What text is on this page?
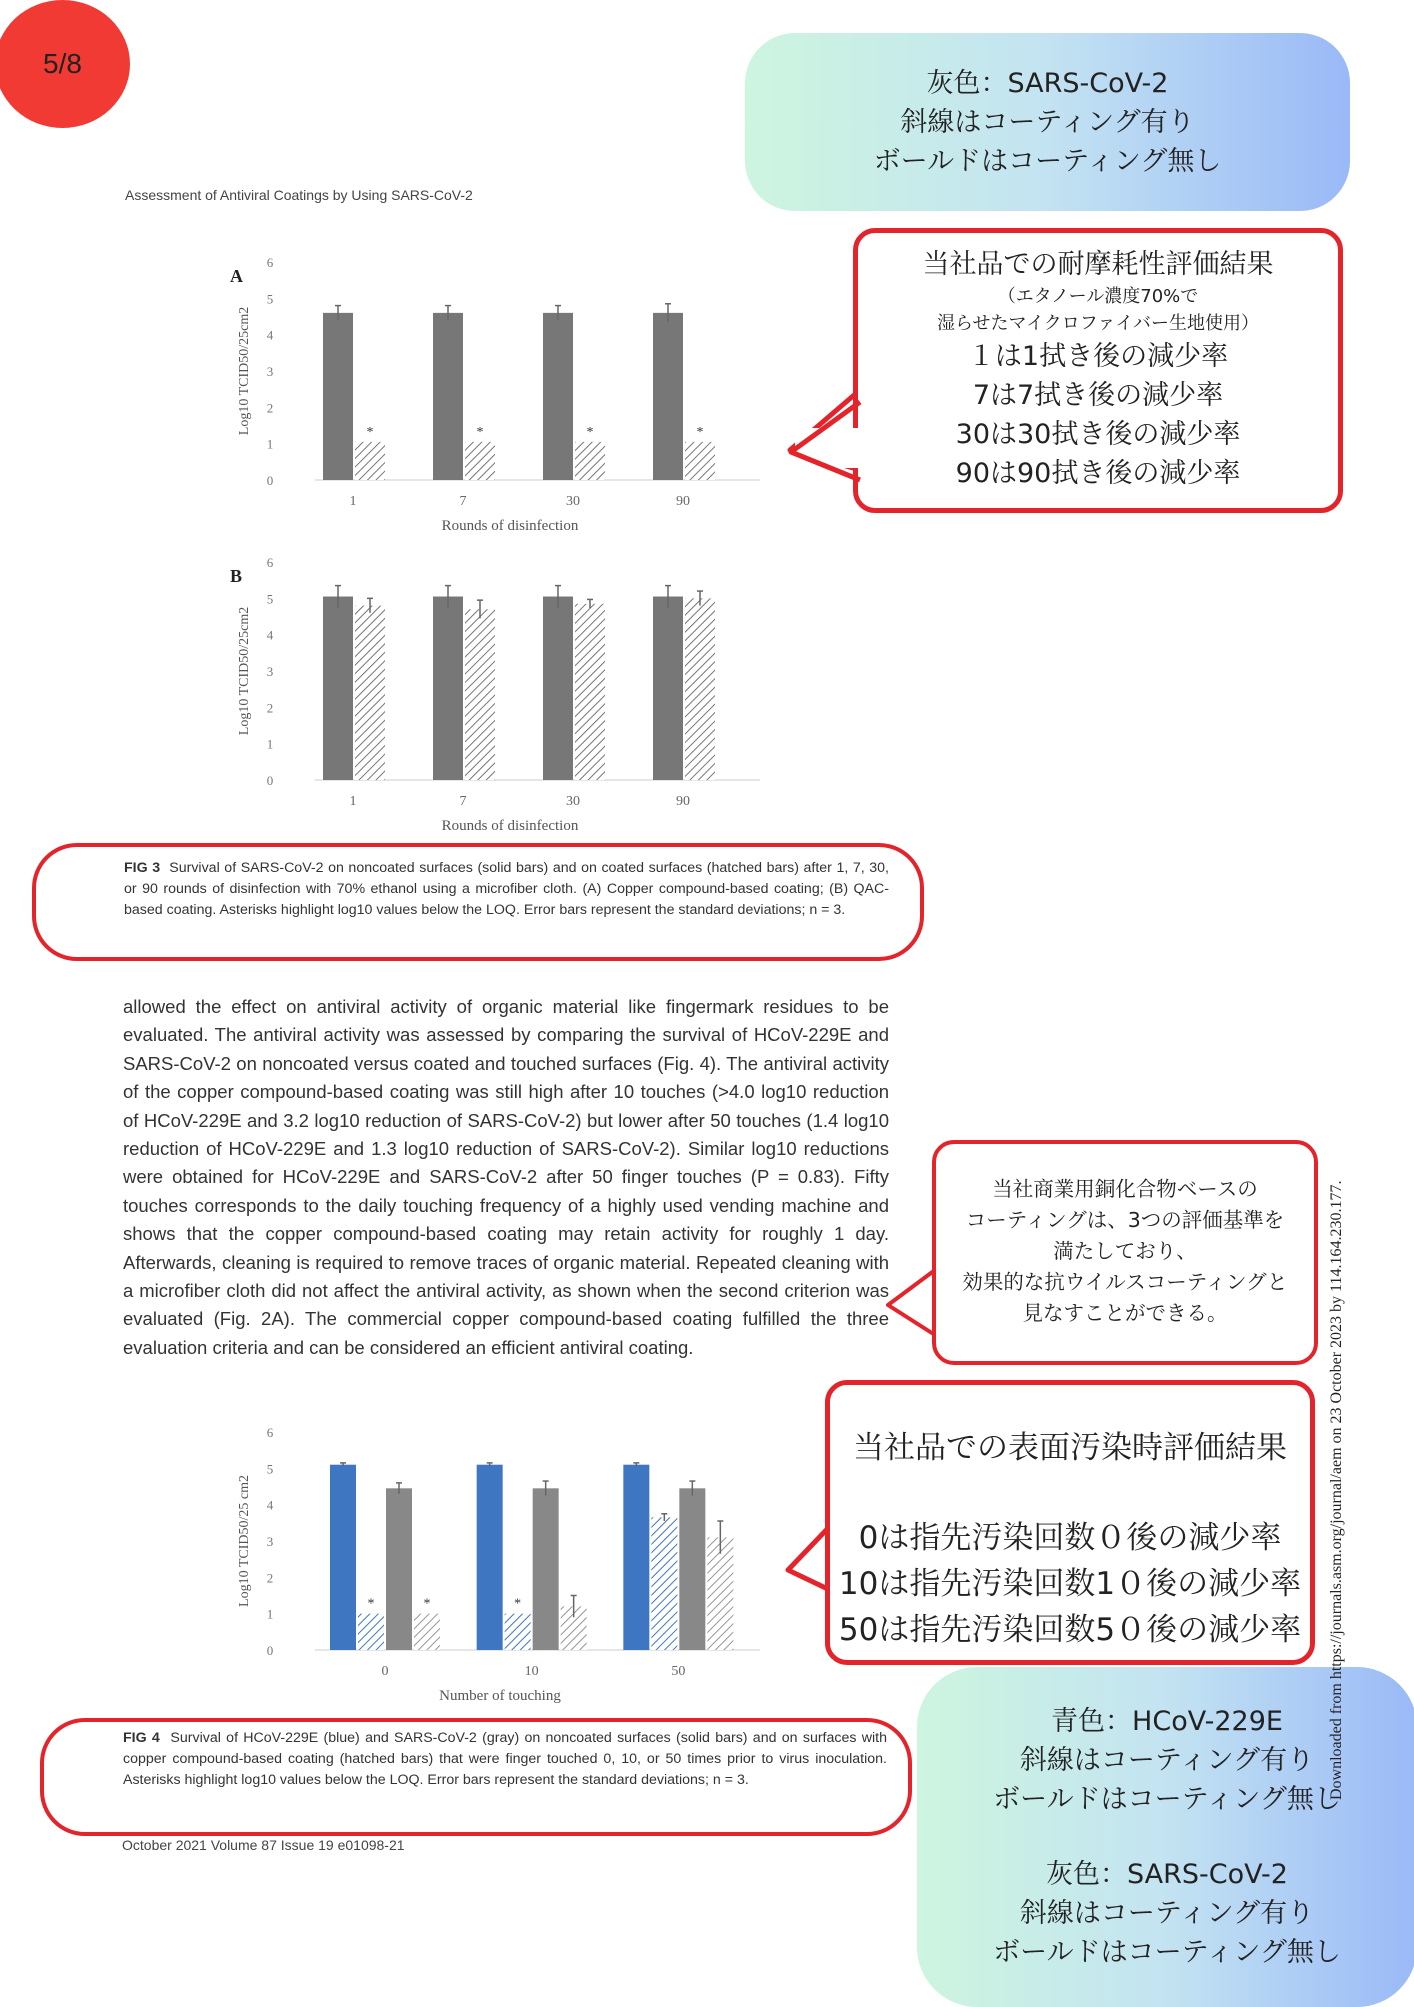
5/8
灰色：SARS-CoV-2
斜線はコーティング有り
ボールドはコーティング無し
Assessment of Antiviral Coatings by Using SARS-CoV-2
0
1
2
3
4
5
6
A
Log10 TCID50/25cm2	*
1
*
7
*
30
*
90
Rounds of disinfection
0
1
2
3
4
5
6
B
Log10 TCID50/25cm2
1	7	30	90
Rounds of disinfection
FIG 3 Survival of SARS-CoV-2 on noncoated surfaces (solid bars) and on coated surfaces (hatched bars) after 1, 7, 30, or 90 rounds of disinfection with 70% ethanol using a microfiber cloth. (A) Copper compound-based coating; (B) QAC-based coating. Asterisks highlight log10 values below the LOQ. Error bars represent the standard deviations; n = 3.
当社品での耐摩耗性評価結果
（エタノール濃度70%で
湿らせたマイクロファイバー生地使用）
１は1拭き後の減少率
7は7拭き後の減少率
30は30拭き後の減少率
90は90拭き後の減少率
allowed the effect on antiviral activity of organic material like fingermark residues to be evaluated. The antiviral activity was assessed by comparing the survival of HCoV-229E and SARS-CoV-2 on noncoated versus coated and touched surfaces (Fig. 4). The antiviral activity of the copper compound-based coating was still high after 10 touches (>4.0 log10 reduction of HCoV-229E and 3.2 log10 reduction of SARS-CoV-2) but lower after 50 touches (1.4 log10 reduction of HCoV-229E and 1.3 log10 reduction of SARS-CoV-2). Similar log10 reductions were obtained for HCoV-229E and SARS-CoV-2 after 50 finger touches (P = 0.83). Fifty touches corresponds to the daily touching frequency of a highly used vending machine and shows that the copper compound-based coating may retain activity for roughly 1 day. Afterwards, cleaning is required to remove traces of organic material. Repeated cleaning with a microfiber cloth did not affect the antiviral activity, as shown when the second criterion was evaluated (Fig. 2A). The commercial copper compound-based coating fulfilled the three evaluation criteria and can be considered an efficient antiviral coating.
当社商業用銅化合物ベースの
コーティングは、3つの評価基準を
満たしており、
効果的な抗ウイルスコーティングと
見なすことができる。
0
1
2
3
4
5
6
Log10 TCID50/25 cm2	*	*
0
*
10	50
Number of touching
当社品での表面汚染時評価結果
0は指先汚染回数０後の減少率
10は指先汚染回数1０後の減少率
50は指先汚染回数5０後の減少率
FIG 4 Survival of HCoV-229E (blue) and SARS-CoV-2 (gray) on noncoated surfaces (solid bars) and on surfaces with copper compound-based coating (hatched bars) that were finger touched 0, 10, or 50 times prior to virus inoculation. Asterisks highlight log10 values below the LOQ. Error bars represent the standard deviations; n = 3.
青色：HCoV-229E
斜線はコーティング有り
ボールドはコーティング無し
灰色：SARS-CoV-2
斜線はコーティング有り
ボールドはコーティング無し
October 2021 Volume 87 Issue 19 e01098-21
Downloaded from https://journals.asm.org/journal/aem on 23 October 2023 by 114.164.230.177.
